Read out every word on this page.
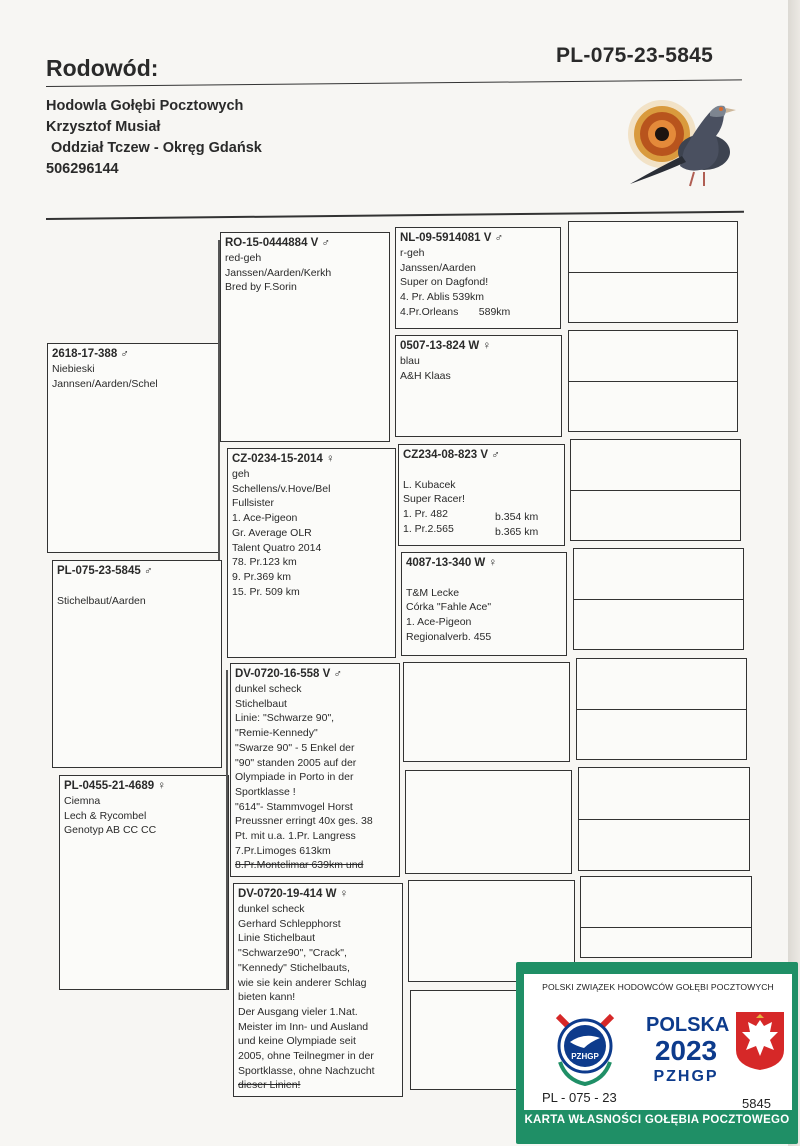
Rodowód:	PL-075-23-5845
Hodowla Gołębi Pocztowych
Krzysztof Musiał
Oddział Tczew - Okręg Gdańsk
506296144
PL-075-23-5845 ♂

Stichelbaut/Aarden
2618-17-388 ♂
Niebieski
Jannsen/Aarden/Schel
PL-0455-21-4689 ♀
Ciemna
Lech & Rycombel
Genotyp AB CC CC
RO-15-0444884 V ♂
red-geh
Janssen/Aarden/Kerkh
Bred by F.Sorin
CZ-0234-15-2014 ♀
geh
Schellens/v.Hove/Bel
Fullsister
1. Ace-Pigeon
Gr. Average OLR
Talent Quatro 2014
78. Pr.123 km
9. Pr.369 km
15. Pr. 509 km
DV-0720-16-558 V ♂
dunkel scheck
Stichelbaut
Linie: "Schwarze 90",
"Remie-Kennedy"
"Swarze 90" - 5 Enkel der
"90" standen 2005 auf der
Olympiade in Porto in der
Sportklasse !
"614"- Stammvogel Horst
Preussner erringt 40x ges. 38
Pt. mit u.a. 1.Pr. Langress
7.Pr.Limoges 613km
8.Pr.Montelimar 639km und
DV-0720-19-414 W ♀
dunkel scheck
Gerhard Schlepphorst
Linie Stichelbaut
"Schwarze90", "Crack",
"Kennedy" Stichelbauts,
wie sie kein anderer Schlag
bieten kann!
Der Ausgang vieler 1.Nat.
Meister im Inn- und Ausland
und keine Olympiade seit
2005, ohne Teilnegmer in der
Sportklasse, ohne Nachzucht
dieser Linien!
NL-09-5914081 V ♂
r-geh
Janssen/Aarden
Super on Dagfond!
4. Pr. Ablis 539km
4.Pr.Orleans       589km
0507-13-824 W ♀
blau
A&H Klaas
CZ234-08-823 V ♂

L. Kubacek
Super Racer!
1. Pr. 482
1. Pr.2.565
b.354 km
b.365 km
4087-13-340 W ♀

T&M Lecke
Córka "Fahle Ace"
1. Ace-Pigeon
Regionalverb. 455
POLSKI ZWIĄZEK HODOWCÓW GOŁĘBI POCZTOWYCH
PZHGP
POLSKA
2023
PZHGP
PL - 075 - 23	5845
KARTA WŁASNOŚCI GOŁĘBIA POCZTOWEGO
